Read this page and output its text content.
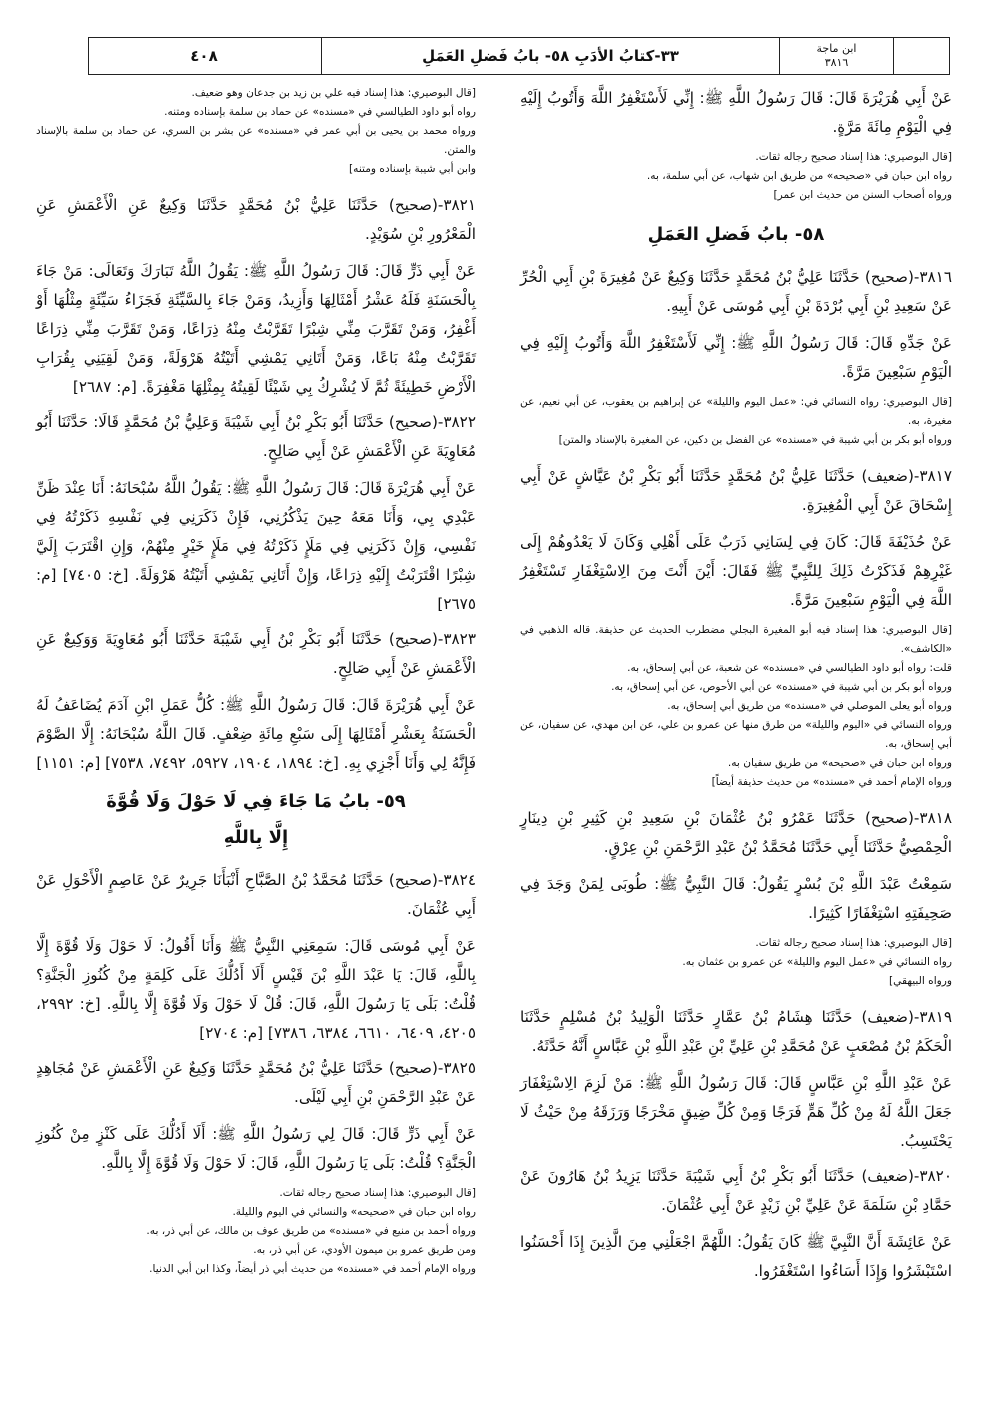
ابن ماجة
٣٨١٦
٣٣-كتابُ الأدَبِ ٥٨- بابُ فَضلِ العَمَلِ
٤٠٨

عَنْ أَبِي هُرَيْرَةَ قَالَ: قَالَ رَسُولُ اللَّهِ ﷺ: إِنِّي لَأَسْتَغْفِرُ اللَّهَ وَأَتُوبُ إِلَيْهِ فِي الْيَوْمِ مِائَةَ مَرَّةٍ.

[قال البوصيري: هذا إسناد صحيح رجاله ثقات.

رواه ابن حبان في «صحيحه» من طريق ابن شهاب، عن أبي سلمة، به.

ورواه أصحاب السنن من حديث ابن عمر]

٥٨- بابُ فَضلِ العَمَلِ

٣٨١٦-(صحيح) حَدَّثَنَا عَلِيُّ بْنُ مُحَمَّدٍ حَدَّثَنَا وَكِيعٌ عَنْ مُغِيرَةَ بْنِ أَبِي الْحُرِّ عَنْ سَعِيدِ بْنِ أَبِي بُرْدَةَ بْنِ أَبِي مُوسَى عَنْ أَبِيهِ.

عَنْ جَدِّهِ قَالَ: قَالَ رَسُولُ اللَّهِ ﷺ: إِنِّي لَأَسْتَغْفِرُ اللَّهَ وَأَتُوبُ إِلَيْهِ فِي الْيَوْمِ سَبْعِينَ مَرَّةً.

[قال البوصيري: رواه النسائي في: «عمل اليوم والليلة» عن إبراهيم بن يعقوب، عن أبي نعيم، عن مغيرة، به.

ورواه أبو بكر بن أبي شيبة في «مسنده» عن الفضل بن دكين، عن المغيرة بالإسناد والمتن]

٣٨١٧-(ضعيف) حَدَّثَنَا عَلِيُّ بْنُ مُحَمَّدٍ حَدَّثَنَا أَبُو بَكْرِ بْنُ عَيَّاشٍ عَنْ أَبِي إِسْحَاقَ عَنْ أَبِي الْمُغِيرَةِ.

عَنْ حُذَيْفَةَ قَالَ: كَانَ فِي لِسَانِي ذَرَبٌ عَلَى أَهْلِي وَكَانَ لَا يَعْدُوهُمْ إِلَى غَيْرِهِمْ فَذَكَرْتُ ذَلِكَ لِلنَّبِيِّ ﷺ فَقَالَ: أَيْنَ أَنْتَ مِنَ الِاسْتِغْفَارِ تَسْتَغْفِرُ اللَّهَ فِي الْيَوْمِ سَبْعِينَ مَرَّةً.

[قال البوصيري: هذا إسناد فيه أبو المغيرة البجلي مضطرب الحديث عن حذيفة. قاله الذهبي في «الكاشف».

قلت: رواه أبو داود الطيالسي في «مسنده» عن شعبة، عن أبي إسحاق، به.

ورواه أبو بكر بن أبي شيبة في «مسنده» عن أبي الأحوص، عن أبي إسحاق، به.

ورواه أبو يعلى الموصلي في «مسنده» من طريق أبي إسحاق، به.

ورواه النسائي في «اليوم والليلة» من طرق منها عن عمرو بن علي، عن ابن مهدي، عن سفيان، عن أبي إسحاق، به.

ورواه ابن حبان في «صحيحه» من طريق سفيان به.

ورواه الإمام أحمد في «مسنده» من حديث حذيفة أيضاً]

٣٨١٨-(صحيح) حَدَّثَنَا عَمْرُو بْنُ عُثْمَانَ بْنِ سَعِيدِ بْنِ كَثِيرِ بْنِ دِينَارٍ الْحِمْصِيُّ حَدَّثَنَا أَبِي حَدَّثَنَا مُحَمَّدُ بْنُ عَبْدِ الرَّحْمَنِ بْنِ عِرْقٍ.

سَمِعْتُ عَبْدَ اللَّهِ بْنَ بُسْرٍ يَقُولُ: قَالَ النَّبِيُّ ﷺ: طُوبَى لِمَنْ وَجَدَ فِي صَحِيفَتِهِ اسْتِغْفَارًا كَثِيرًا.

[قال البوصيري: هذا إسناد صحيح رجاله ثقات.

رواه النسائي في «عمل اليوم والليلة» عن عمرو بن عثمان به.

ورواه البيهقي]

٣٨١٩-(ضعيف) حَدَّثَنَا هِشَامُ بْنُ عَمَّارٍ حَدَّثَنَا الْوَلِيدُ بْنُ مُسْلِمٍ حَدَّثَنَا الْحَكَمُ بْنُ مُصْعَبٍ عَنْ مُحَمَّدِ بْنِ عَلِيِّ بْنِ عَبْدِ اللَّهِ بْنِ عَبَّاسٍ أَنَّهُ حَدَّثَهُ.

عَنْ عَبْدِ اللَّهِ بْنِ عَبَّاسٍ قَالَ: قَالَ رَسُولُ اللَّهِ ﷺ: مَنْ لَزِمَ الِاسْتِغْفَارَ جَعَلَ اللَّهُ لَهُ مِنْ كُلِّ هَمٍّ فَرَجًا وَمِنْ كُلِّ ضِيقٍ مَخْرَجًا وَرَزَقَهُ مِنْ حَيْثُ لَا يَحْتَسِبُ.

٣٨٢٠-(ضعيف) حَدَّثَنَا أَبُو بَكْرِ بْنُ أَبِي شَيْبَةَ حَدَّثَنَا يَزِيدُ بْنُ هَارُونَ عَنْ حَمَّادِ بْنِ سَلَمَةَ عَنْ عَلِيِّ بْنِ زَيْدٍ عَنْ أَبِي عُثْمَانَ.

عَنْ عَائِشَةَ أَنَّ النَّبِيَّ ﷺ كَانَ يَقُولُ: اللَّهُمَّ اجْعَلْنِي مِنَ الَّذِينَ إِذَا أَحْسَنُوا اسْتَبْشَرُوا وَإِذَا أَسَاءُوا اسْتَغْفَرُوا.

[قال البوصيري: هذا إسناد فيه علي بن زيد بن جدعان وهو ضعيف.

رواه أبو داود الطيالسي في «مسنده» عن حماد بن سلمة بإسناده ومتنه.

ورواه محمد بن يحيى بن أبي عمر في «مسنده» عن بشر بن السري، عن حماد بن سلمة بالإسناد والمتن.

وابن أبي شيبة بإسناده ومتنه]

٣٨٢١-(صحيح) حَدَّثَنَا عَلِيُّ بْنُ مُحَمَّدٍ حَدَّثَنَا وَكِيعٌ عَنِ الْأَعْمَشِ عَنِ الْمَعْرُورِ بْنِ سُوَيْدٍ.

عَنْ أَبِي ذَرٍّ قَالَ: قَالَ رَسُولُ اللَّهِ ﷺ: يَقُولُ اللَّهُ تَبَارَكَ وَتَعَالَى: مَنْ جَاءَ بِالْحَسَنَةِ فَلَهُ عَشْرُ أَمْثَالِهَا وَأَزِيدُ، وَمَنْ جَاءَ بِالسَّيِّئَةِ فَجَزَاءُ سَيِّئَةٍ مِثْلُهَا أَوْ أَغْفِرُ، وَمَنْ تَقَرَّبَ مِنِّي شِبْرًا تَقَرَّبْتُ مِنْهُ ذِرَاعًا، وَمَنْ تَقَرَّبَ مِنِّي ذِرَاعًا تَقَرَّبْتُ مِنْهُ بَاعًا، وَمَنْ أَتَانِي يَمْشِي أَتَيْتُهُ هَرْوَلَةً، وَمَنْ لَقِيَنِي بِقُرَابِ الْأَرْضِ خَطِيئَةً ثُمَّ لَا يُشْرِكُ بِي شَيْئًا لَقِيتُهُ بِمِثْلِهَا مَغْفِرَةً. [م: ٢٦٨٧]

٣٨٢٢-(صحيح) حَدَّثَنَا أَبُو بَكْرِ بْنُ أَبِي شَيْبَةَ وَعَلِيُّ بْنُ مُحَمَّدٍ قَالَا: حَدَّثَنَا أَبُو مُعَاوِيَةَ عَنِ الْأَعْمَشِ عَنْ أَبِي صَالِحٍ.

عَنْ أَبِي هُرَيْرَةَ قَالَ: قَالَ رَسُولُ اللَّهِ ﷺ: يَقُولُ اللَّهُ سُبْحَانَهُ: أَنَا عِنْدَ ظَنِّ عَبْدِي بِي، وَأَنَا مَعَهُ حِينَ يَذْكُرُنِي، فَإِنْ ذَكَرَنِي فِي نَفْسِهِ ذَكَرْتُهُ فِي نَفْسِي، وَإِنْ ذَكَرَنِي فِي مَلَإٍ ذَكَرْتُهُ فِي مَلَإٍ خَيْرٍ مِنْهُمْ، وَإِنِ اقْتَرَبَ إِلَيَّ شِبْرًا اقْتَرَبْتُ إِلَيْهِ ذِرَاعًا، وَإِنْ أَتَانِي يَمْشِي أَتَيْتُهُ هَرْوَلَةً. [خ: ٧٤٠٥] [م: ٢٦٧٥]

٣٨٢٣-(صحيح) حَدَّثَنَا أَبُو بَكْرِ بْنُ أَبِي شَيْبَةَ حَدَّثَنَا أَبُو مُعَاوِيَةَ وَوَكِيعٌ عَنِ الْأَعْمَشِ عَنْ أَبِي صَالِحٍ.

عَنْ أَبِي هُرَيْرَةَ قَالَ: قَالَ رَسُولُ اللَّهِ ﷺ: كُلُّ عَمَلِ ابْنِ آدَمَ يُضَاعَفُ لَهُ الْحَسَنَةُ بِعَشْرِ أَمْثَالِهَا إِلَى سَبْعِ مِائَةِ ضِعْفٍ. قَالَ اللَّهُ سُبْحَانَهُ: إِلَّا الصَّوْمَ فَإِنَّهُ لِي وَأَنَا أَجْزِي بِهِ. [خ: ١٨٩٤، ١٩٠٤، ٥٩٢٧، ٧٤٩٢، ٧٥٣٨] [م: ١١٥١]

٥٩- بابُ مَا جَاءَ فِي لَا حَوْلَ وَلَا قُوَّةَ
إِلَّا بِاللَّهِ

٣٨٢٤-(صحيح) حَدَّثَنَا مُحَمَّدُ بْنُ الصَّبَّاحِ أَنْبَأَنَا جَرِيرٌ عَنْ عَاصِمٍ الْأَحْوَلِ عَنْ أَبِي عُثْمَانَ.

عَنْ أَبِي مُوسَى قَالَ: سَمِعَنِي النَّبِيُّ ﷺ وَأَنَا أَقُولُ: لَا حَوْلَ وَلَا قُوَّةَ إِلَّا بِاللَّهِ، قَالَ: يَا عَبْدَ اللَّهِ بْنَ قَيْسٍ أَلَا أَدُلُّكَ عَلَى كَلِمَةٍ مِنْ كُنُوزِ الْجَنَّةِ؟ قُلْتُ: بَلَى يَا رَسُولَ اللَّهِ، قَالَ: قُلْ لَا حَوْلَ وَلَا قُوَّةَ إِلَّا بِاللَّهِ. [خ: ٢٩٩٢، ٤٢٠٥، ٦٤٠٩، ٦٦١٠، ٦٣٨٤، ٧٣٨٦] [م: ٢٧٠٤]

٣٨٢٥-(صحيح) حَدَّثَنَا عَلِيُّ بْنُ مُحَمَّدٍ حَدَّثَنَا وَكِيعٌ عَنِ الْأَعْمَشِ عَنْ مُجَاهِدٍ عَنْ عَبْدِ الرَّحْمَنِ بْنِ أَبِي لَيْلَى.

عَنْ أَبِي ذَرٍّ قَالَ: قَالَ لِي رَسُولُ اللَّهِ ﷺ: أَلَا أَدُلُّكَ عَلَى كَنْزٍ مِنْ كُنُوزِ الْجَنَّةِ؟ قُلْتُ: بَلَى يَا رَسُولَ اللَّهِ، قَالَ: لَا حَوْلَ وَلَا قُوَّةَ إِلَّا بِاللَّهِ.

[قال البوصيري: هذا إسناد صحيح رجاله ثقات.

رواه ابن حبان في «صحيحه» والنسائي في اليوم والليلة.

ورواه أحمد بن منيع في «مسنده» من طريق عوف بن مالك، عن أبي ذر، به.

ومن طريق عمرو بن ميمون الأودي، عن أبي ذر، به.

ورواه الإمام أحمد في «مسنده» من حديث أبي ذر أيضاً، وكذا ابن أبي الدنيا.
